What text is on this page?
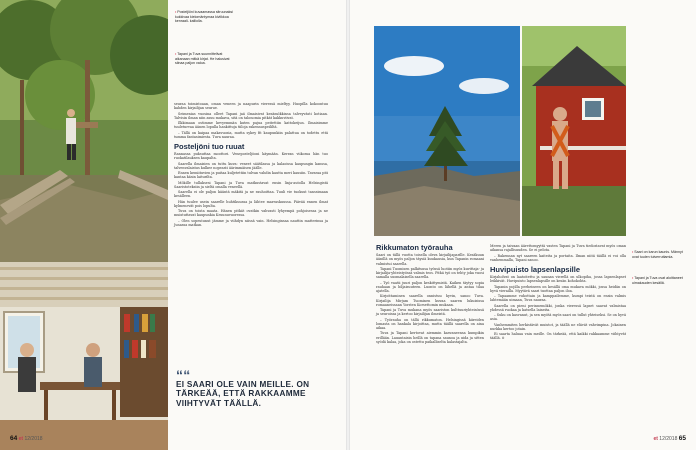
• Posteljiöni kuvaamassa sitruunaksi kukkivaa kielomäntymaa kiviikkoa kenraali- kalliolla.
• Tapani ja Tuva suunnittelivat aikanaan mitkä kirjat. He halusivat siinaa paljon valoa.

seuraa toimistoaan, oman veneen ja naapurin vieressä mieltyy. Huopilla kokoontuu kahden kirjailijan seurue.

Seimenias vuosina olleet Tapani jaä ilmaisivat kesämökkinsa talveyvästi kotiaan. Talvisin ilman niin asuu mukava, sitä on talonomia pitkät kakkuviivat.

Ilkkimaan ostimme kevyemmän kuten pajua peitettiin kattokeijun. Ilmaisimme tuuleturvaa äänen lopulla hankittuja tiiloja rakennuspeililtä.

– Tällä on kaipaa makavuosia, mutta sykey fit kaupunkiin palattua on todettu että tumma fantasimiesta. Tuva nauraa.

Posteljöni tuo ruuat

Rannassa puksuttaa moottori. Veneposteljöoni käymään. Kerran viikossa hän tuo ruokatilauksen kaupalta.

Saarella ilmaisien on tuttu kuva: veneet säätilassa ja kalaoissa kaupungin kanssa, talvenvalaistus kulkee nopeasti äärimmäisen jäälle.

Ennen kemiituvien ja puitaa kuljetettiin tulvan vahdin kautta meri kausiin. Tavaraa piti kantaa käsin laiturilta.

Mökille tullaksesi Tapani ja Tuva matkustavat ensin linja-autolla Helsingistä Saaristoteksiin ja sieltä omalla veneellä.

Saarella ei ole paljon kääntä mäkitä ja ne rauhoittaa. Tuuli vie tuoksut tanssimaan kesälleen.

Hän tuulee usein saarelle huhtikuussa ja lähtee marraskuussa. Päivää ennen ilmat kylmenevät pois lopulta.

Tuva on toista maata. Hänen pitkät ovatkin vahvasti lyhyempä pohjoisessa ja ne muistuttavat kaupunkia Kruunuvuoressa.

– Olen sopeutunut jämme ja viihdyn niissä vain. Helsinginsaa nauttin matterinsa ja Junassa matkan.

““
EI SAARI OLE VAIN MEILLE. ON TÄRKEÄÄ, ETTÄ RAKKAAMME VIIHTYVÄT TÄÄLLÄ.
64 et 12/2018
• Saari on karun kaunis. Männyt ovat tuulen tuiverruttamia.
• Tapani ja Tuva ovat aloittaneet uimakauden kesällä.
Rikkumaton työrauha

Saari on tällä vuotta toisella oleva kirjailijaparille. Kesäkuun äänillä on myös paljon täysiä kuukausia, kun Tapanin romaani valmistui saarella.

Tapani Tuomisen palkitussa työssä luotiin myös kuvittaja- ja kirjailija-yhteistyössä valmis teos. Pitkä työ on tehty joka vuosi samalla suomalaisella saarella.

– Työ vaatii juuri paljon keskittymistä. Kaiken täytyy sopia rauhaan ja hiljaisuuteen. Luonto on lähellä ja antaa tilaa ajatella.

Kirjoittaminen saarella onnistuu hyvin, sanoo Tuva. Kirjailija Mirjam Tuominen kuvaa saaren lukuisissa romaaneissaan Yorsten Korsettomin mukaan.

Tapani ja Tuva mukana myös saariston kulttuuriyhteisössä ja seuroissa ja kertoo kirjailijan ilmeistä.

– Työrauha on tällä rikkumaton. Helsingissä kiireiden lomasta on hankala kirjoittaa, mutta täällä saarella on aina aikaa.

Tuva ja Tapani kertovat aiemmin kasvaneensa kumpikin erillään. Lauantaisin heillä on tapana saunoa ja uida ja sitten syödä kalaa, joka on ostettu paikalliselta kalastajalta.

Meren ja taivaan äärettomyyttä vasten Tapani ja Tuva tiedostavat myös oman aikansa rajallisuuden. Se ei pelota.

– Rakennan nyt saareen kaiteita ja portaita. Ilman niitä täällä ei voi olla vanhemmalla, Tapani sanoo.

Huvipuisto lapsenlapsille

Kirjaholvat on laatoitettu ja saunan vierellä on ulkopiha, jossa lapsenlapset leikkivät. Huvipuisto lapsenlapsille on kesän kohokohta.

Tapanin pojilla perheineen on kesällä oma mukava mökki, jossa heidän on hyvä vierailla. Myytävä saari tuottaa paljon iloa.

– Tapaamme vuhottain ja kamppailemme, kumpi teistä on ensin valmis lahtemään uimaan, Tuva nauraa.

Saarella on pieni perinnemökki, jonka vieressä lapset saavat valmistaa yhdessä ruokaa ja katsella laineita.

– Suku on kasvanut, ja sen myötä myös saari on tullut yhteiseksi. Se on hyvä asia.

Vanhemmiten herkistävät muistot, ja täällä ne elävät vahvimpina. Jokainen nurkka kertoo jotain.

Ei saarta haluaa vain meille. On tärkeää, että kaikki rakkaamme viihtyvät täällä. ⊙

et 12/2018 65
